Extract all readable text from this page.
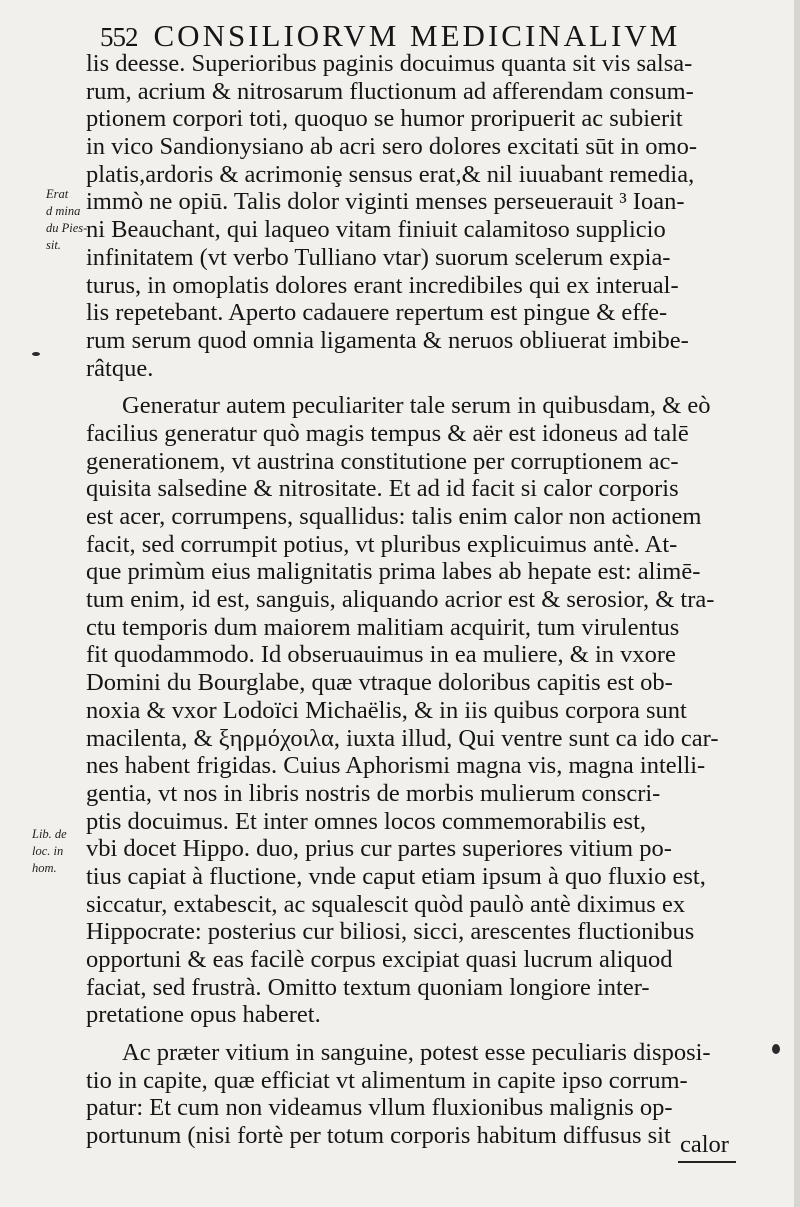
552 CONSILIORVM MEDICINALIVM
Erat
d mina
du Pies-
sit.
Lib. de
loc. in
hom.
lis deesse. Superioribus paginis docuimus quanta sit vis salsa-
rum, acrium & nitrosarum fluctionum ad afferendam consum-
ptionem corpori toti, quoquo se humor proripuerit ac subierit
in vico Sandionysiano ab acri sero dolores excitati sūt in omo-
platis,ardoris & acrimoniȩ sensus erat,& nil iuuabant remedia,
immò ne opiū. Talis dolor viginti menses perseuerauit ³ Ioan-
ni Beauchant, qui laqueo vitam finiuit calamitoso supplicio
infinitatem (vt verbo Tulliano vtar) suorum scelerum expia-
turus, in omoplatis dolores erant incredibiles qui ex interual-
lis repetebant. Aperto cadauere repertum est pingue & effe-
rum serum quod omnia ligamenta & neruos obliuerat imbibe-
râtque.
Generatur autem peculiariter tale serum in quibusdam, & eò
facilius generatur quò magis tempus & aër est idoneus ad talē
generationem, vt austrina constitutione per corruptionem ac-
quisita salsedine & nitrositate. Et ad id facit si calor corporis
est acer, corrumpens, squallidus: talis enim calor non actionem
facit, sed corrumpit potius, vt pluribus explicuimus antè. At-
que primùm eius malignitatis prima labes ab hepate est: alimē-
tum enim, id est, sanguis, aliquando acrior est & serosior, & tra-
ctu temporis dum maiorem malitiam acquirit, tum virulentus
fit quodammodo. Id obseruauimus in ea muliere, & in vxore
Domini du Bourglabe, quæ vtraque doloribus capitis est ob-
noxia & vxor Lodoïci Michaëlis, & in iis quibus corpora sunt
macilenta, & ξηρμόχοιλα, iuxta illud, Qui ventre sunt ca ido car-
nes habent frigidas. Cuius Aphorismi magna vis, magna intelli-
gentia, vt nos in libris nostris de morbis mulierum conscri-
ptis docuimus. Et inter omnes locos commemorabilis est,
vbi docet Hippo. duo, prius cur partes superiores vitium po-
tius capiat à fluctione, vnde caput etiam ipsum à quo fluxio est,
siccatur, extabescit, ac squalescit quòd paulò antè diximus ex
Hippocrate: posterius cur biliosi, sicci, arescentes fluctionibus
opportuni & eas facilè corpus excipiat quasi lucrum aliquod
faciat, sed frustrà. Omitto textum quoniam longiore inter-
pretatione opus haberet.
Ac præter vitium in sanguine, potest esse peculiaris disposi-
tio in capite, quæ efficiat vt alimentum in capite ipso corrum-
patur: Et cum non videamus vllum fluxionibus malignis op-
portunum (nisi fortè per totum corporis habitum diffusus sit calor
